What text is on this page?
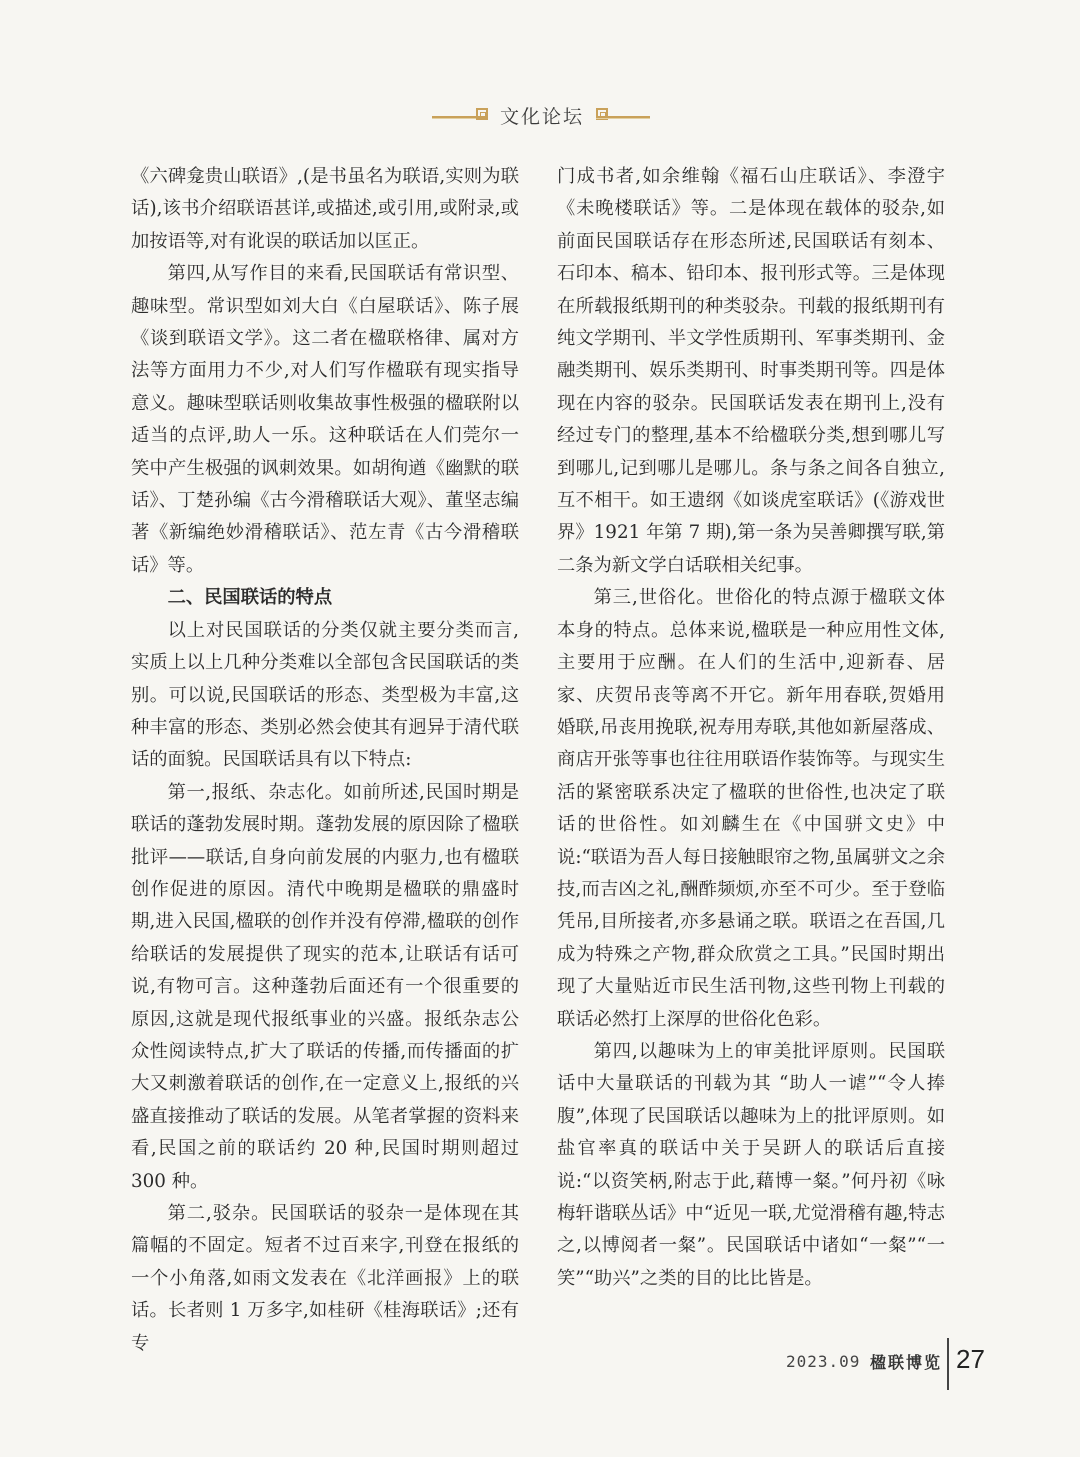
文化论坛

《六碑龛贵山联语》,(是书虽名为联语,实则为联话),该书介绍联语甚详,或描述,或引用,或附录,或加按语等,对有讹误的联话加以匡正。

第四,从写作目的来看,民国联话有常识型、趣味型。常识型如刘大白《白屋联话》、陈子展《谈到联语文学》。这二者在楹联格律、属对方法等方面用力不少,对人们写作楹联有现实指导意义。趣味型联话则收集故事性极强的楹联附以适当的点评,助人一乐。这种联话在人们莞尔一笑中产生极强的讽刺效果。如胡徇遒《幽默的联话》、丁楚孙编《古今滑稽联话大观》、董坚志编著《新编绝妙滑稽联话》、范左青《古今滑稽联话》等。

二、民国联话的特点

以上对民国联话的分类仅就主要分类而言,实质上以上几种分类难以全部包含民国联话的类别。可以说,民国联话的形态、类型极为丰富,这种丰富的形态、类别必然会使其有迥异于清代联话的面貌。民国联话具有以下特点:

第一,报纸、杂志化。如前所述,民国时期是联话的蓬勃发展时期。蓬勃发展的原因除了楹联批评——联话,自身向前发展的内驱力,也有楹联创作促进的原因。清代中晚期是楹联的鼎盛时期,进入民国,楹联的创作并没有停滞,楹联的创作给联话的发展提供了现实的范本,让联话有话可说,有物可言。这种蓬勃后面还有一个很重要的原因,这就是现代报纸事业的兴盛。报纸杂志公众性阅读特点,扩大了联话的传播,而传播面的扩大又刺激着联话的创作,在一定意义上,报纸的兴盛直接推动了联话的发展。从笔者掌握的资料来看,民国之前的联话约 20 种,民国时期则超过 300 种。

第二,驳杂。民国联话的驳杂一是体现在其篇幅的不固定。短者不过百来字,刊登在报纸的一个小角落,如雨文发表在《北洋画报》上的联话。长者则 1 万多字,如桂研《桂海联话》;还有专

门成书者,如余维翰《福石山庄联话》、李澄宇《未晚楼联话》等。二是体现在载体的驳杂,如前面民国联话存在形态所述,民国联话有刻本、石印本、稿本、铅印本、报刊形式等。三是体现在所载报纸期刊的种类驳杂。刊载的报纸期刊有纯文学期刊、半文学性质期刊、军事类期刊、金融类期刊、娱乐类期刊、时事类期刊等。四是体现在内容的驳杂。民国联话发表在期刊上,没有经过专门的整理,基本不给楹联分类,想到哪儿写到哪儿,记到哪儿是哪儿。条与条之间各自独立,互不相干。如王遗纲《如谈虎室联话》(《游戏世界》1921 年第 7 期),第一条为吴善卿撰写联,第二条为新文学白话联相关纪事。

第三,世俗化。世俗化的特点源于楹联文体本身的特点。总体来说,楹联是一种应用性文体,主要用于应酬。在人们的生活中,迎新春、居家、庆贺吊丧等离不开它。新年用春联,贺婚用婚联,吊丧用挽联,祝寿用寿联,其他如新屋落成、商店开张等事也往往用联语作装饰等。与现实生活的紧密联系决定了楹联的世俗性,也决定了联话的世俗性。如刘麟生在《中国骈文史》中说:“联语为吾人每日接触眼帘之物,虽属骈文之余技,而吉凶之礼,酬酢频烦,亦至不可少。至于登临凭吊,目所接者,亦多悬诵之联。联语之在吾国,几成为特殊之产物,群众欣赏之工具。”民国时期出现了大量贴近市民生活刊物,这些刊物上刊载的联话必然打上深厚的世俗化色彩。

第四,以趣味为上的审美批评原则。民国联话中大量联话的刊载为其 “助人一谑”“令人捧腹”,体现了民国联话以趣味为上的批评原则。如盐官率真的联话中关于吴趼人的联话后直接说:“以资笑柄,附志于此,藉博一粲。”何丹初《咏梅轩谐联丛话》中“近见一联,尤觉滑稽有趣,特志之,以博阅者一粲”。民国联话中诸如“一粲”“一笑”“助兴”之类的目的比比皆是。

2023.09 楹联博览 27
